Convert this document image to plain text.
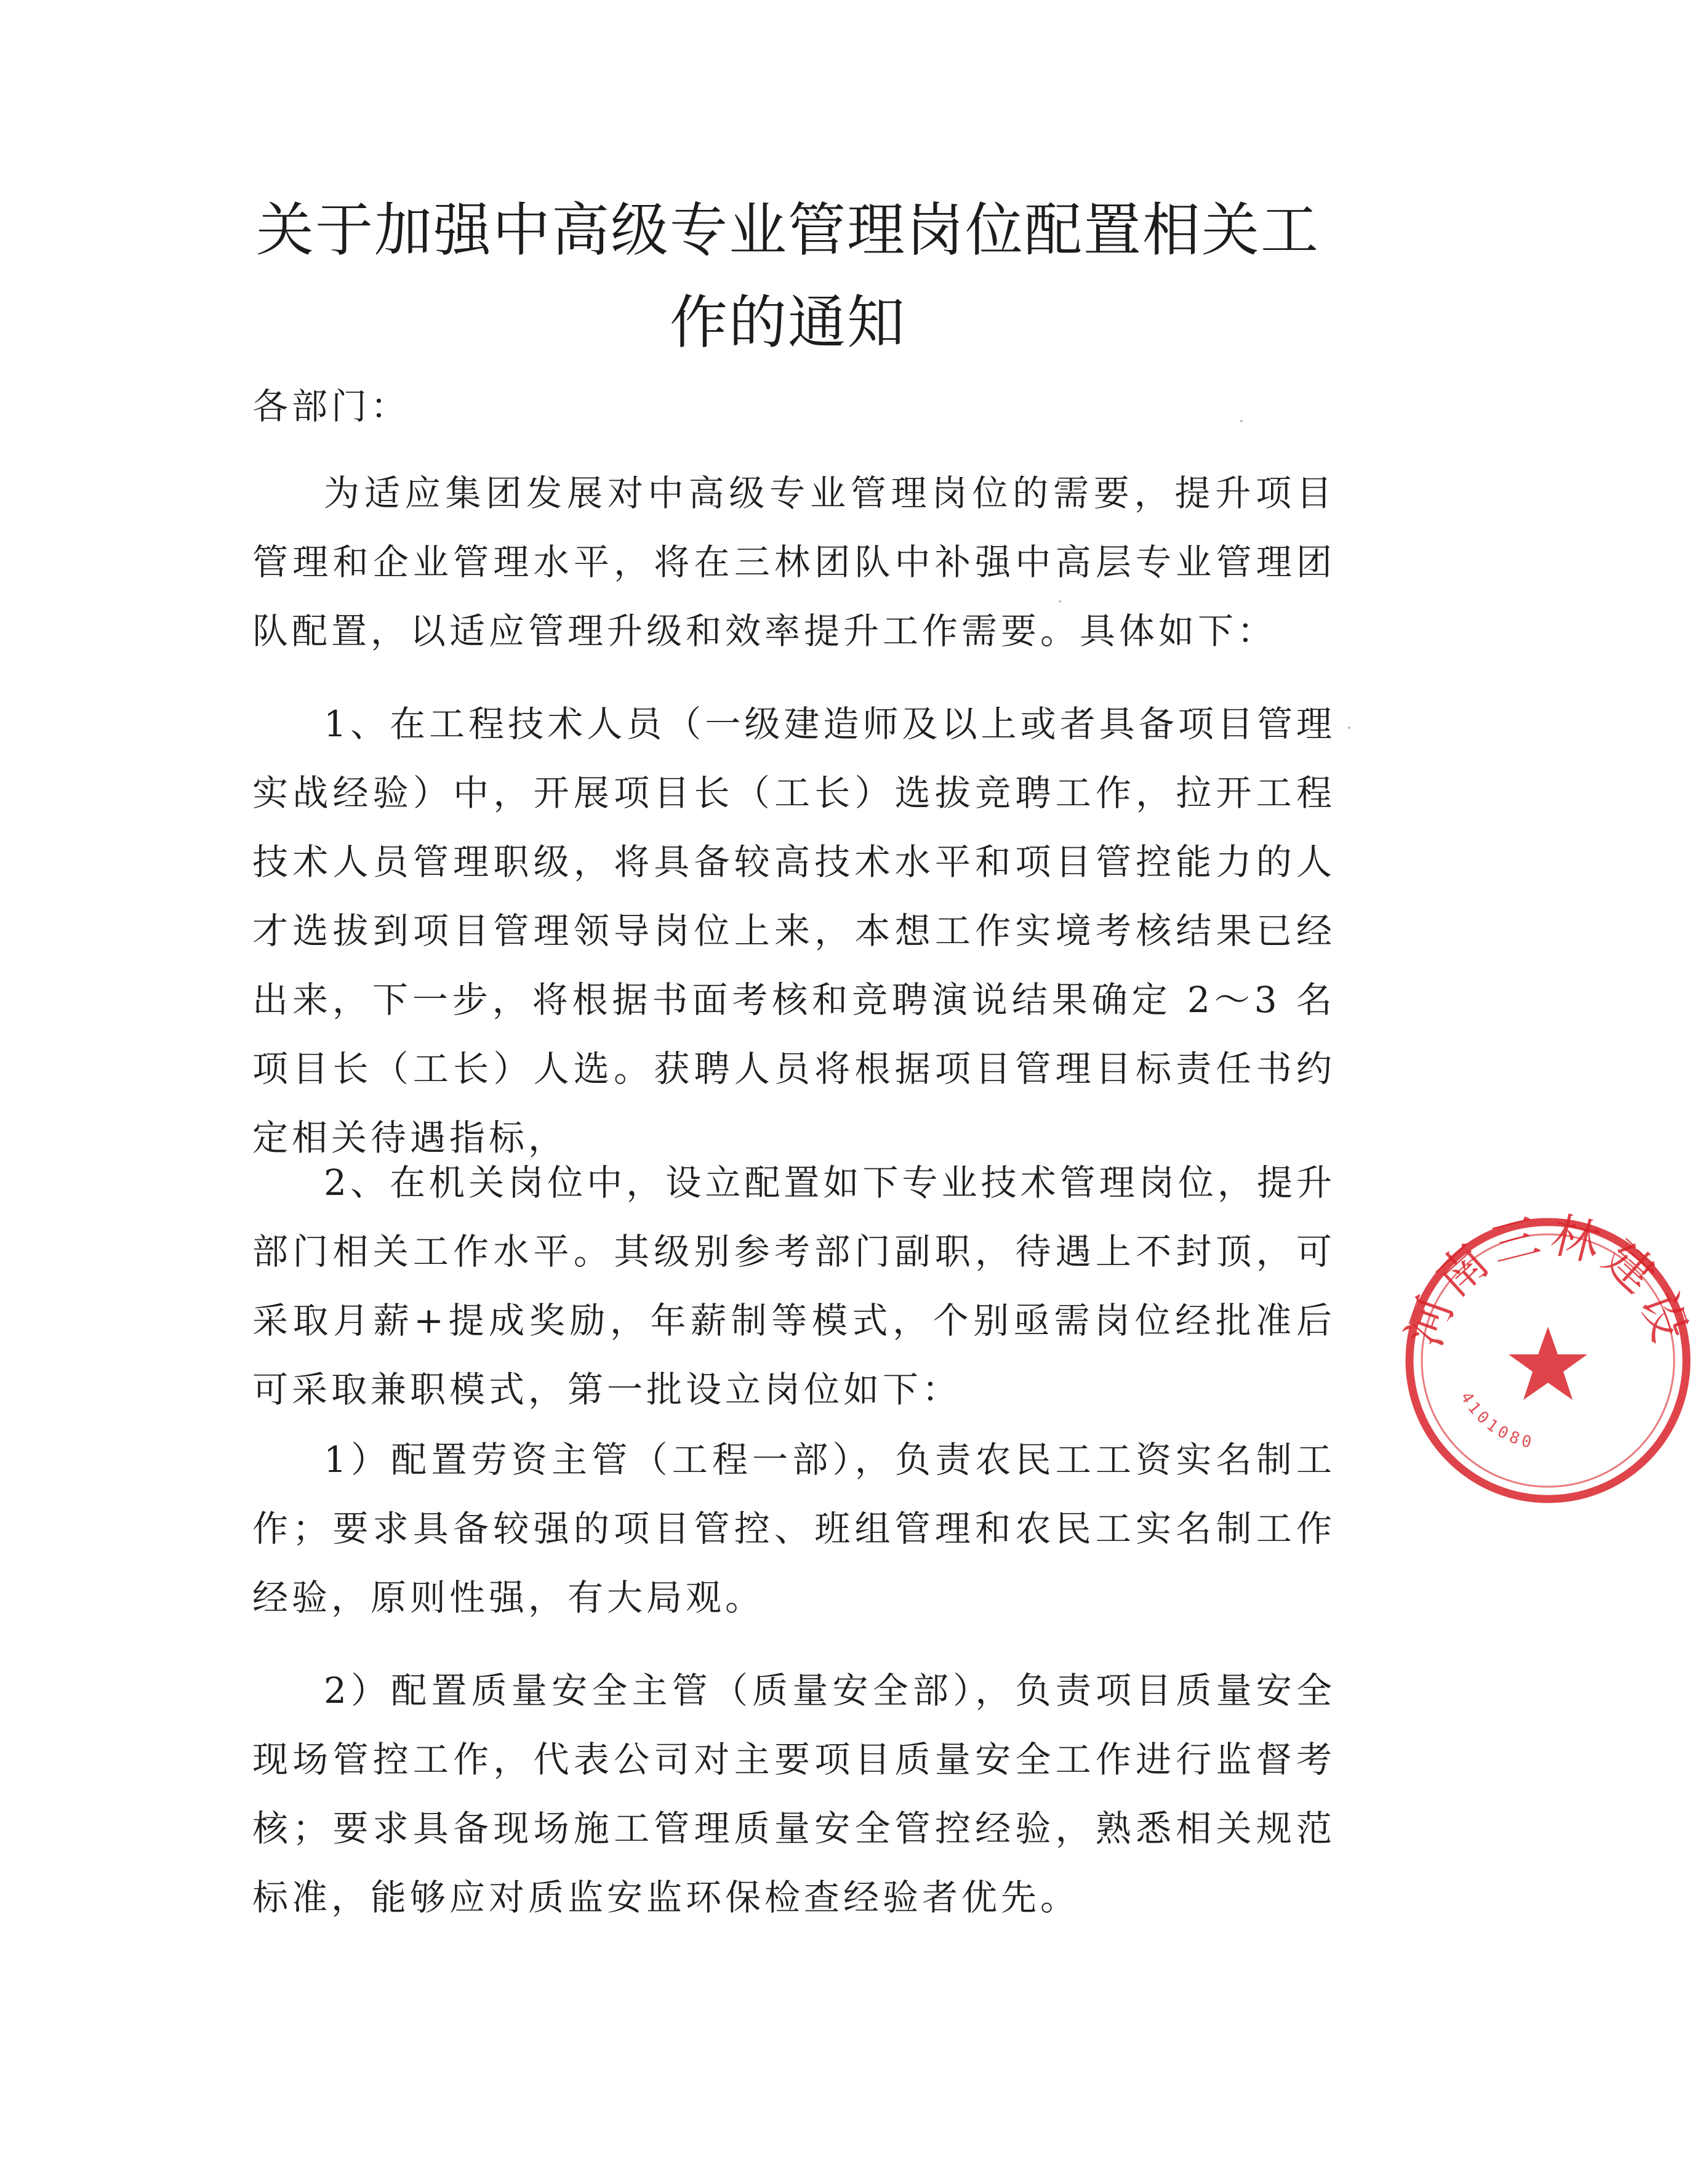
关于加强中高级专业管理岗位配置相关工
作的通知
各部门：
为适应集团发展对中高级专业管理岗位的需要，提升项目管理和企业管理水平，将在三林团队中补强中高层专业管理团队配置，以适应管理升级和效率提升工作需要。具体如下：
1、在工程技术人员（一级建造师及以上或者具备项目管理实战经验）中，开展项目长（工长）选拔竞聘工作，拉开工程技术人员管理职级，将具备较高技术水平和项目管控能力的人才选拔到项目管理领导岗位上来，本想工作实境考核结果已经出来，下一步，将根据书面考核和竞聘演说结果确定 2～3 名项目长（工长）人选。获聘人员将根据项目管理目标责任书约定相关待遇指标，
2、在机关岗位中，设立配置如下专业技术管理岗位，提升部门相关工作水平。其级别参考部门副职，待遇上不封顶，可采取月薪+提成奖励，年薪制等模式，个别亟需岗位经批准后可采取兼职模式，第一批设立岗位如下：
1）配置劳资主管（工程一部），负责农民工工资实名制工作；要求具备较强的项目管控、班组管理和农民工实名制工作经验，原则性强，有大局观。
2）配置质量安全主管（质量安全部），负责项目质量安全现场管控工作，代表公司对主要项目质量安全工作进行监督考核；要求具备现场施工管理质量安全管控经验，熟悉相关规范标准，能够应对质监安监环保检查经验者优先。
河南三林建设
4101080
